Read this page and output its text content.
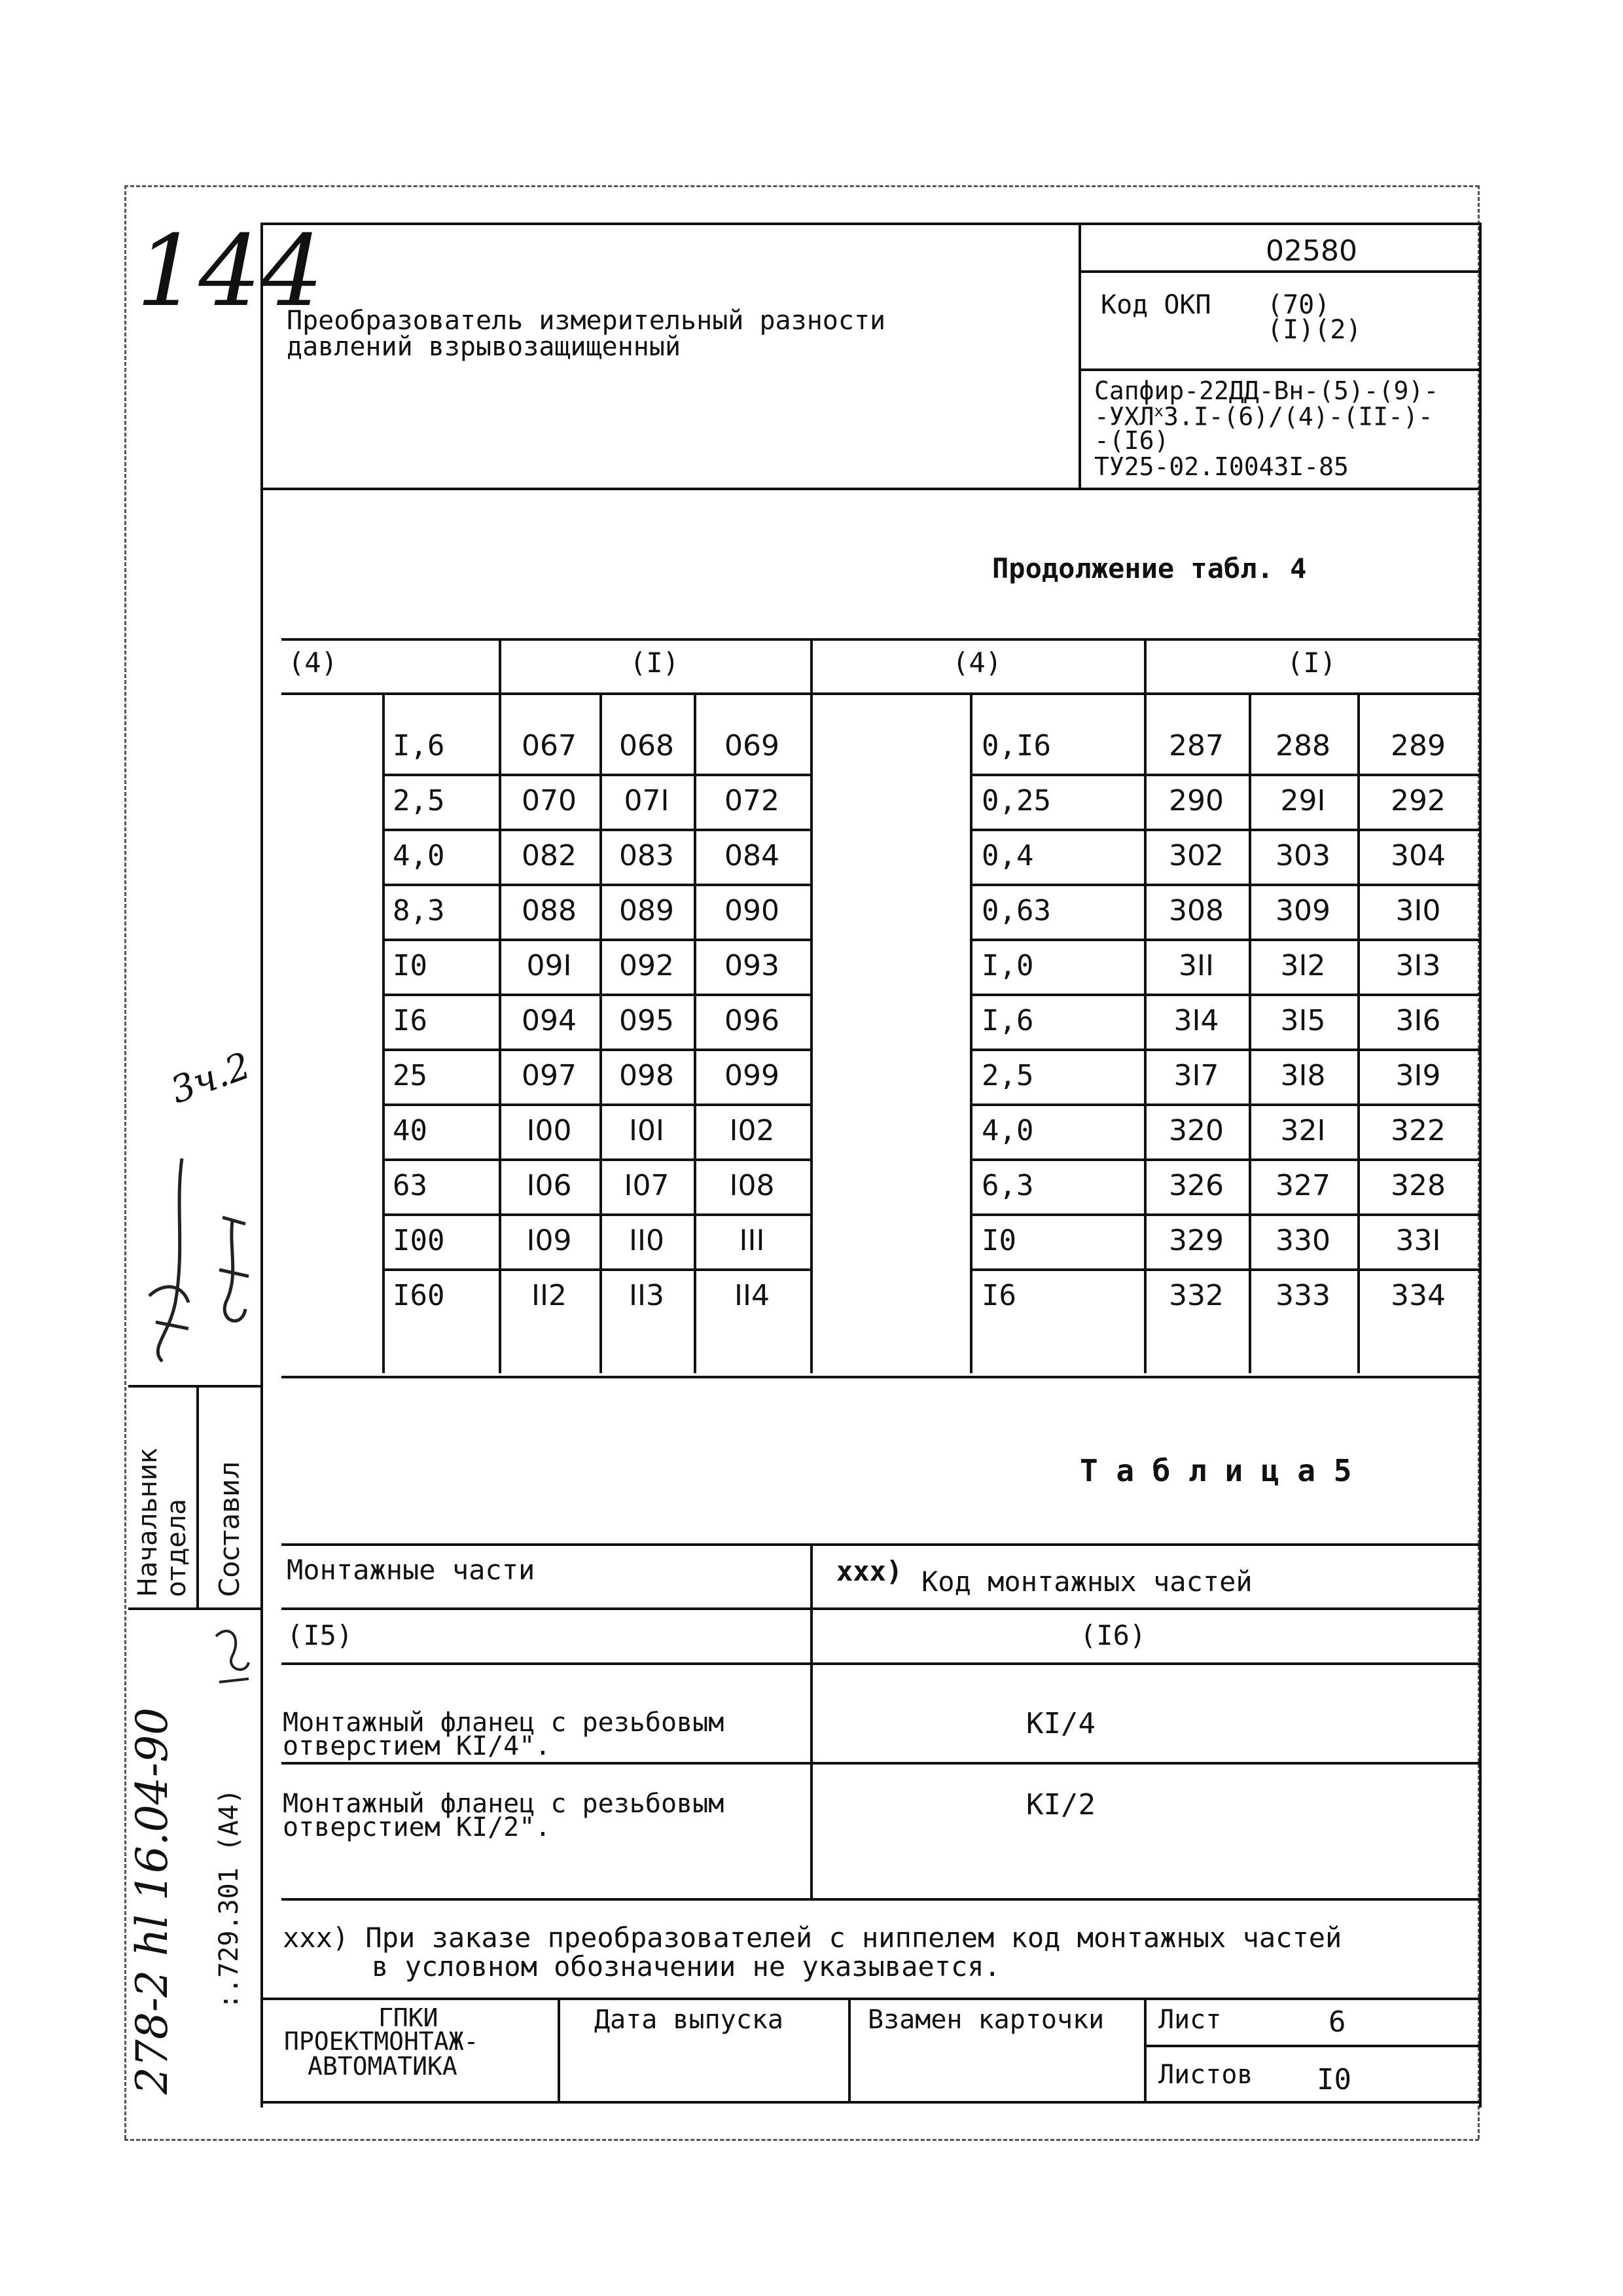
144
Преобразователь измерительный разности
давлений взрывозащищенный
02580
Код ОКП (70)
(I)(2)
Сапфир-22ДД-Вн-(5)-(9)-
$-УХЛ^х3.I-(6)/(4)-(II-)-$
-(I6)
ТУ25-02.I0043I-85
Продолжение табл. 4
(4)	(I)	(4)	(I)
I,6	067	068	069	0,I6	287	288	289
2,5	070	07I	072	0,25	290	29I	292
4,0	082	083	084	0,4	302	303	304
8,3	088	089	090	0,63	308	309	3I0
I0	09I	092	093	I,0	3II	3I2	3I3
I6	094	095	096	I,6	3I4	3I5	3I6
25	097	098	099	2,5	3I7	3I8	3I9
40	I00	I0I	I02	4,0	320	32I	322
63	I06	I07	I08	6,3	326	327	328
I00	I09	II0	III	I0	329	330	33I
I60	II2	II3	II4	I6	332	333	334
Т а б л и ц а 5
Монтажные части	xxx) Код монтажных частей
(I5)	(I6)
Монтажный фланец с резьбовым
отверстием KI/4".
KI/4
Монтажный фланец с резьбовым
отверстием KI/2".
KI/2
xxx) При заказе преобразователей с ниппелем код монтажных частей
в условном обозначении не указывается.
ГПКИ
ПРОЕКТМОНТАЖ-
АВТОМАТИКА
Дата выпуска	Взамен карточки Лист	6
Листов I0
Начальник отдела Составил
278-2 hl 16.04-90 :.729.301 (А4)
3ч.2
